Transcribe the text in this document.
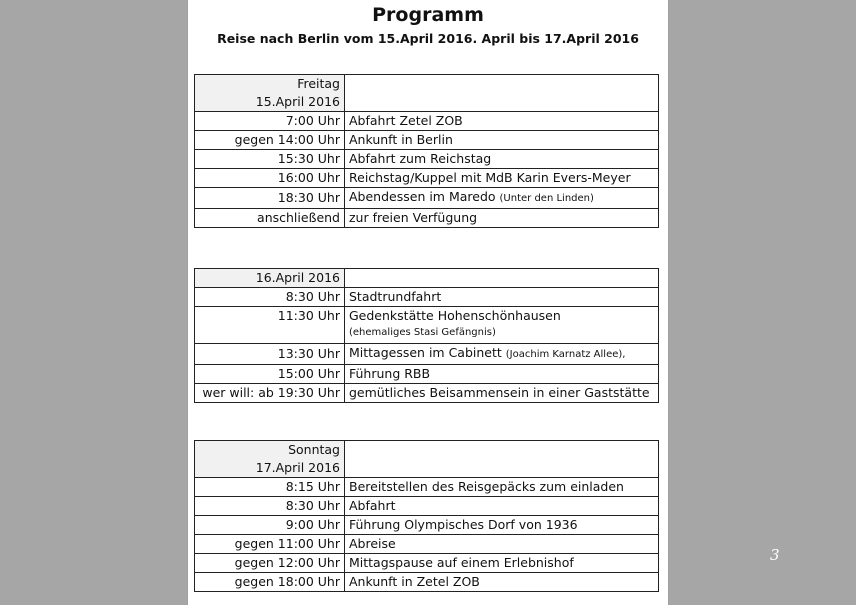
Programm
Reise nach Berlin vom 15.April 2016. April bis 17.April 2016
Freitag
15.April 2016	
7:00 Uhr	Abfahrt Zetel ZOB
gegen 14:00 Uhr	Ankunft in Berlin
15:30 Uhr	Abfahrt zum Reichstag
16:00 Uhr	Reichstag/Kuppel mit MdB Karin Evers-Meyer
18:30 Uhr	Abendessen im Maredo (Unter den Linden)
anschließend	zur freien Verfügung
16.April 2016	
8:30 Uhr	Stadtrundfahrt
11:30 Uhr	Gedenkstätte Hohenschönhausen
(ehemaliges Stasi Gefängnis)

13:30 Uhr	Mittagessen im Cabinett (Joachim Karnatz Allee),
15:00 Uhr	Führung RBB
wer will: ab 19:30 Uhr	gemütliches Beisammensein in einer Gaststätte
Sonntag
17.April 2016	
8:15 Uhr	Bereitstellen des Reisgepäcks zum einladen
8:30 Uhr	Abfahrt
9:00 Uhr	Führung Olympisches Dorf von 1936
gegen 11:00 Uhr	Abreise
gegen 12:00 Uhr	Mittagspause auf einem Erlebnishof
gegen 18:00 Uhr	Ankunft in Zetel ZOB
3
